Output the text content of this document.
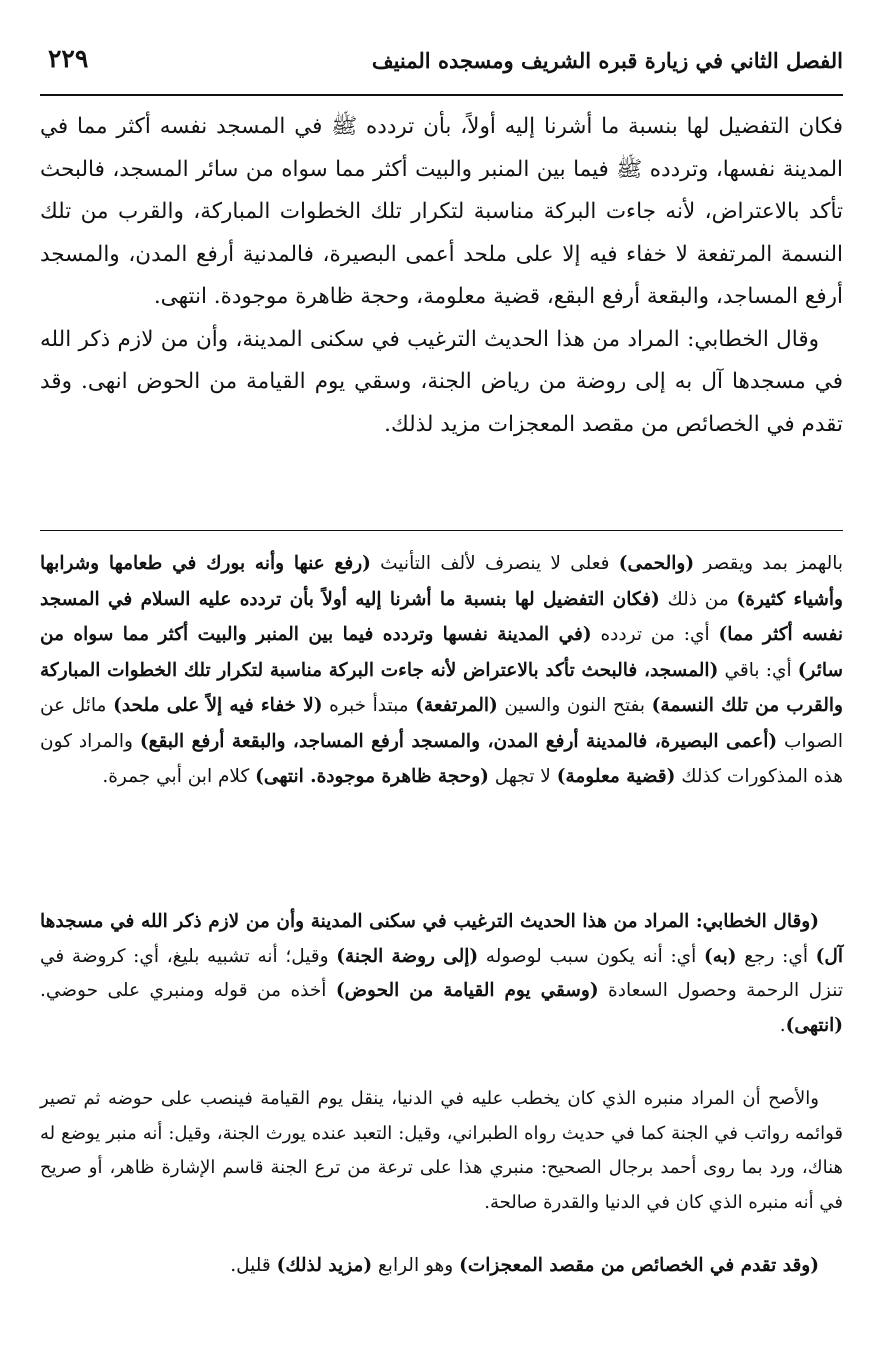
الفصل الثاني في زيارة قبره الشريف ومسجده المنيف
٢٢٩

فكان التفضيل لها بنسبة ما أشرنا إليه أولاً، بأن تردده ﷺ في المسجد نفسه أكثر مما في المدينة نفسها، وتردده ﷺ فيما بين المنبر والبيت أكثر مما سواه من سائر المسجد، فالبحث تأكد بالاعتراض، لأنه جاءت البركة مناسبة لتكرار تلك الخطوات المباركة، والقرب من تلك النسمة المرتفعة لا خفاء فيه إلا على ملحد أعمى البصيرة، فالمدنية أرفع المدن، والمسجد أرفع المساجد، والبقعة أرفع البقع، قضية معلومة، وحجة ظاهرة موجودة. انتهى.

وقال الخطابي: المراد من هذا الحديث الترغيب في سكنى المدينة، وأن من لازم ذكر الله في مسجدها آل به إلى روضة من رياض الجنة، وسقي يوم القيامة من الحوض انهى. وقد تقدم في الخصائص من مقصد المعجزات مزيد لذلك.

بالهمز بمد ويقصر (والحمى) فعلى لا ينصرف لألف التأنيث (رفع عنها وأنه بورك في طعامها وشرابها وأشياء كثيرة) من ذلك (فكان التفضيل لها بنسبة ما أشرنا إليه أولاً بأن تردده عليه السلام في المسجد نفسه أكثر مما) أي: من تردده (في المدينة نفسها وتردده فيما بين المنبر والبيت أكثر مما سواه من سائر) أي: باقي (المسجد، فالبحث تأكد بالاعتراض لأنه جاءت البركة مناسبة لتكرار تلك الخطوات المباركة والقرب من تلك النسمة) بفتح النون والسين (المرتفعة) مبتدأ خبره (لا خفاء فيه إلاً على ملحد) مائل عن الصواب (أعمى البصيرة، فالمدينة أرفع المدن، والمسجد أرفع المساجد، والبقعة أرفع البقع) والمراد كون هذه المذكورات كذلك (قضية معلومة) لا تجهل (وحجة ظاهرة موجودة. انتهى) كلام ابن أبي جمرة.

(وقال الخطابي: المراد من هذا الحديث الترغيب في سكنى المدينة وأن من لازم ذكر الله في مسجدها آل) أي: رجع (به) أي: أنه يكون سبب لوصوله (إلى روضة الجنة) وقيل؛ أنه تشبيه بليغ، أي: كروضة في تنزل الرحمة وحصول السعادة (وسقي يوم القيامة من الحوض) أخذه من قوله ومنبري على حوضي. (انتهى).

والأصح أن المراد منبره الذي كان يخطب عليه في الدنيا، ينقل يوم القيامة فينصب على حوضه ثم تصير قوائمه رواتب في الجنة كما في حديث رواه الطبراني، وقيل: التعبد عنده يورث الجنة، وقيل: أنه منبر يوضع له هناك، ورد بما روى أحمد برجال الصحيح: منبري هذا على ترعة من ترع الجنة قاسم الإشارة ظاهر، أو صريح في أنه منبره الذي كان في الدنيا والقدرة صالحة.

(وقد تقدم في الخصائص من مقصد المعجزات) وهو الرابع (مزيد لذلك) قليل.
